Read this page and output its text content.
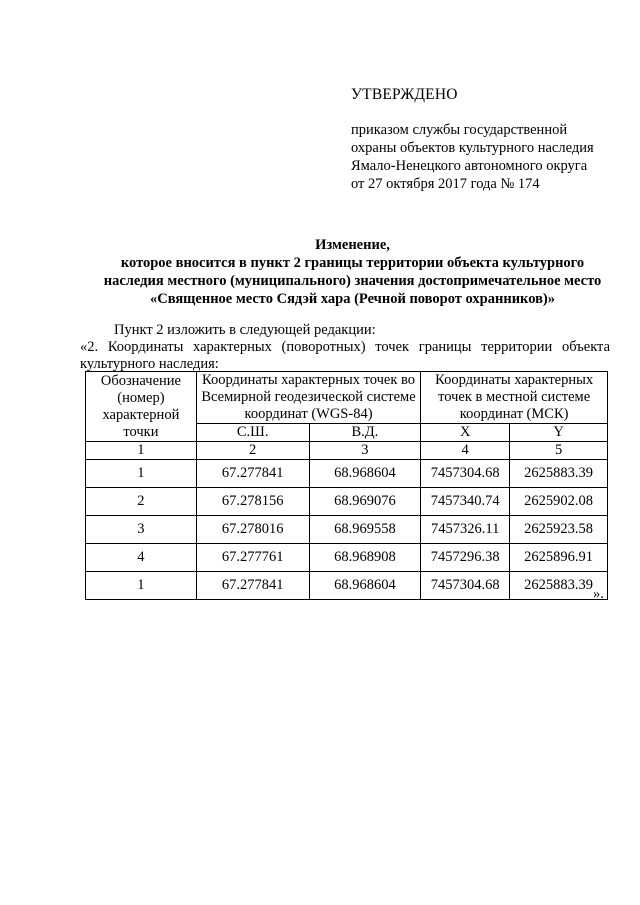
УТВЕРЖДЕНО
приказом службы государственной
охраны объектов культурного наследия
Ямало-Ненецкого автономного округа
от 27 октября 2017 года № 174
Изменение,
которое вносится в пункт 2 границы территории объекта культурного
наследия местного (муниципального) значения достопримечательное место
«Священное место Сядэй хара (Речной поворот охранников)»
Пункт 2 изложить в следующей редакции:
«2. Координаты характерных (поворотных) точек границы территории объекта
культурного наследия:
Обозначение (номер) характерной точки	Координаты характерных точек во Всемирной геодезической системе координат (WGS-84)		Координаты характерных точек в местной системе координат (МСК)	
	С.Ш.	В.Д.	X	Y
1	2	3	4	5
1	67.277841	68.968604	7457304.68	2625883.39
2	67.278156	68.969076	7457340.74	2625902.08
3	67.278016	68.969558	7457326.11	2625923.58
4	67.277761	68.968908	7457296.38	2625896.91
1	67.277841	68.968604	7457304.68	2625883.39
».
